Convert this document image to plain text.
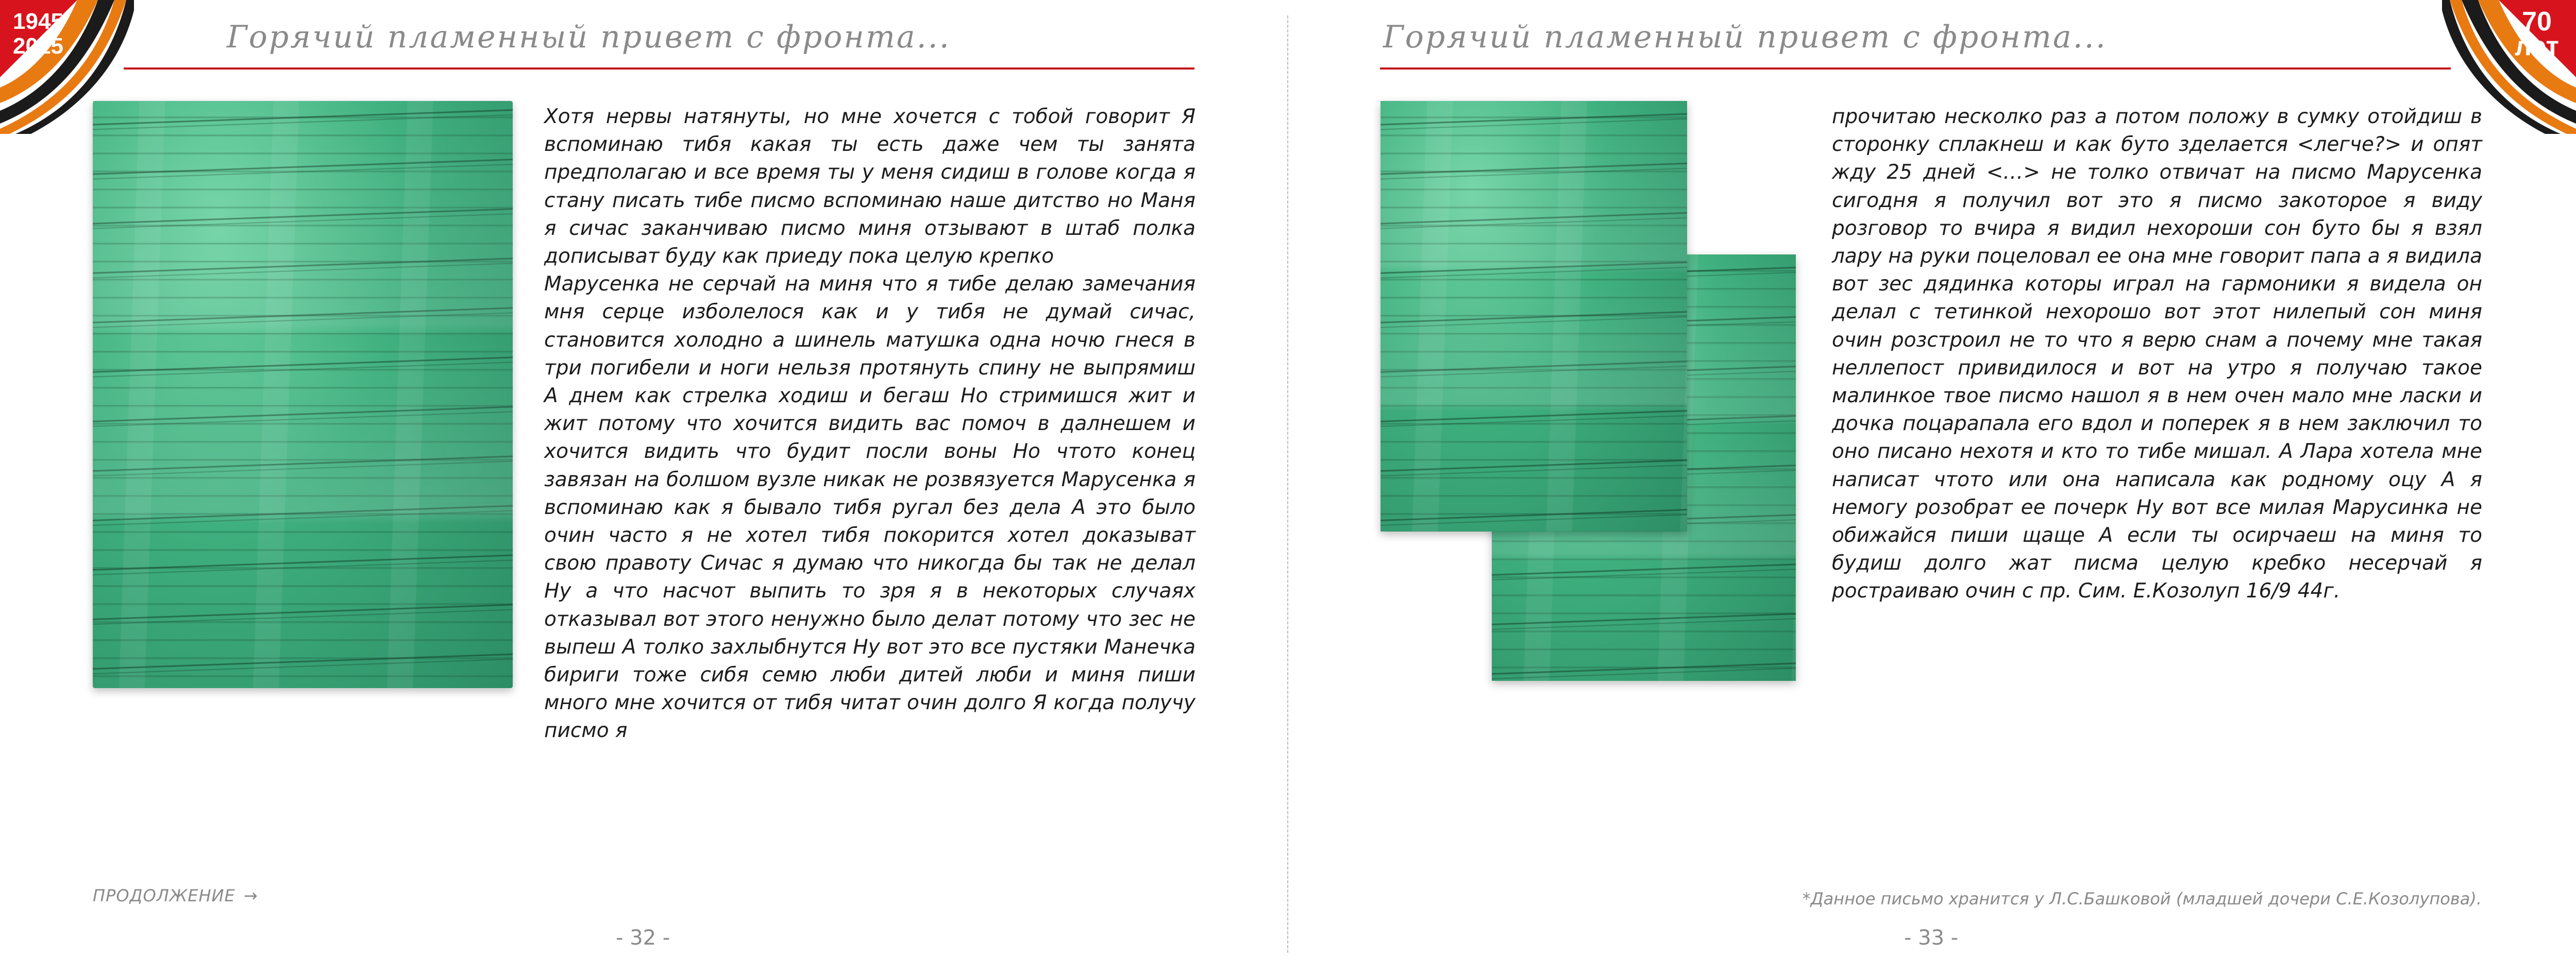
1945
2015	Горячий пламенный привет с фронта...

Хотя нервы натянуты, но мне хочется с тобой говорит Я вспоминаю тибя какая ты есть даже чем ты занята предполагаю и все время ты у меня сидиш в голове когда я стану писать тибе писмо вспоминаю наше дитство но Маня я сичас заканчиваю писмо миня отзывают в штаб полка дописыват буду как приеду пока целую крепко

Марусенка не серчай на миня что я тибе делаю замечания мня серце изболелося как и у тибя не думай сичас, становится холодно а шинель матушка одна ночю гнеся в три погибели и ноги нельзя протянуть спину не выпрямиш А днем как стрелка ходиш и бегаш Но стримишся жит и жит потому что хочится видить вас помоч в далнешем и хочится видить что будит посли воны Но чтото конец завязан на болшом вузле никак не розвязуется Марусенка я вспоминаю как я бывало тибя ругал без дела А это было очин часто я не хотел тибя покорится хотел доказыват свою правоту Сичас я думаю что никогда бы так не делал Ну а что насчот выпить то зря я в некоторых случаях отказывал вот этого ненужно было делат потому что зес не выпеш А толко захлыбнутся Ну вот это все пустяки Манечка бириги тоже сибя семю люби дитей люби и миня пиши много мне хочится от тибя читат очин долго Я когда получу писмо я

ПРОДОЛЖЕНИЕ →
- 32 -
Горячий пламенный привет с фронта...	70
лет

прочитаю несколко раз а потом положу в сумку отойдиш в сторонку сплакнеш и как буто зделается <легче?> и опят жду 25 дней <…> не толко отвичат на писмо Марусенка сигодня я получил вот это я писмо закоторое я виду розговор то вчира я видил нехороши сон буто бы я взял лару на руки поцеловал ее она мне говорит папа а я видила вот зес дядинка которы играл на гармоники я видела он делал с тетинкой нехорошо вот этот нилепый сон миня очин розстроил не то что я верю снам а почему мне такая неллепост привидилося и вот на утро я получаю такое малинкое твое писмо нашол я в нем очен мало мне ласки и дочка поцарапала его вдол и поперек я в нем заключил то оно писано нехотя и кто то тибе мишал. А Лара хотела мне написат чтото или она написала как родному оцу А я немогу розобрат ее почерк Ну вот все милая Марусинка не обижайся пиши щаще А если ты осирчаеш на миня то будиш долго жат писма целую кребко несерчай я ростраиваю очин с пр. Сим. Е.Козолуп 16/9 44г.

*Данное письмо хранится у Л.С.Башковой (младшей дочери С.Е.Козолупова).
- 33 -
